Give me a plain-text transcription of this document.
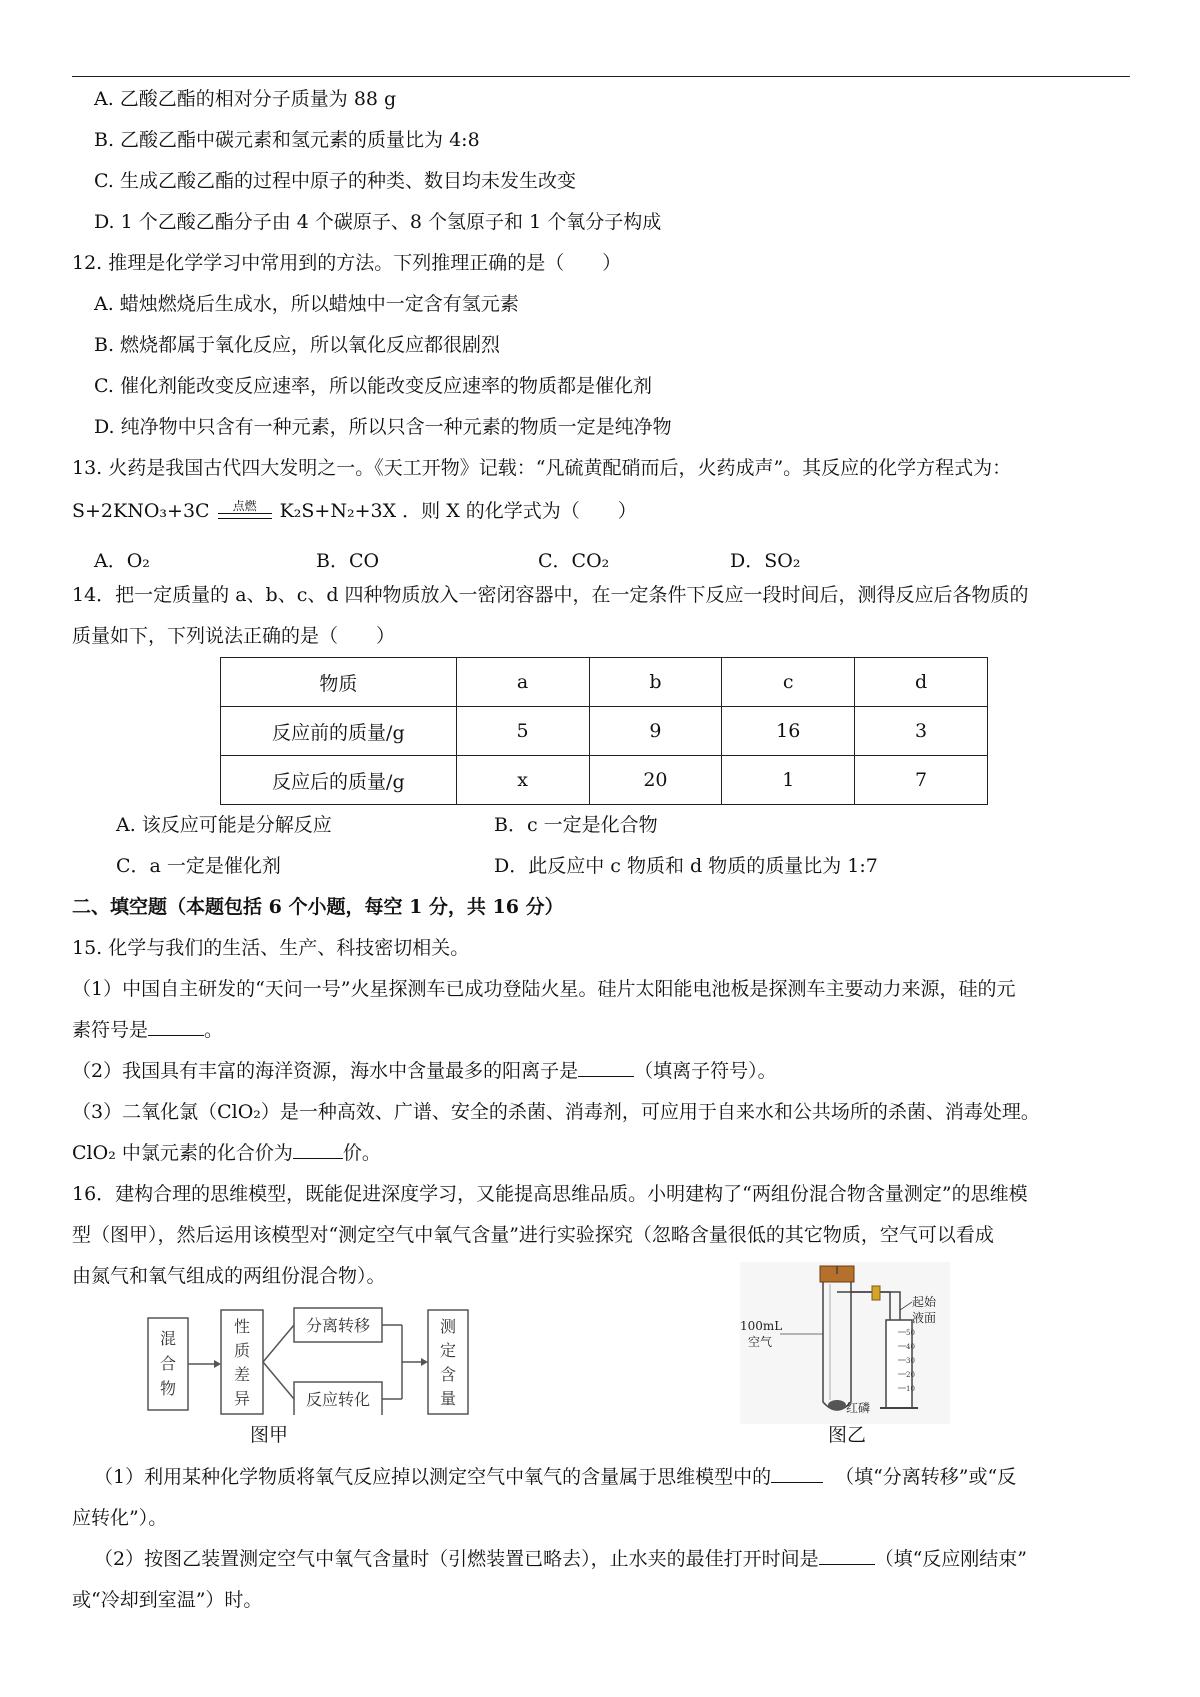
A. 乙酸乙酯的相对分子质量为 88 g
B. 乙酸乙酯中碳元素和氢元素的质量比为 4:8
C. 生成乙酸乙酯的过程中原子的种类、数目均未发生改变
D. 1 个乙酸乙酯分子由 4 个碳原子、8 个氢原子和 1 个氧分子构成
12. 推理是化学学习中常用到的方法。下列推理正确的是（　　）
A. 蜡烛燃烧后生成水，所以蜡烛中一定含有氢元素
B. 燃烧都属于氧化反应，所以氧化反应都很剧烈
C. 催化剂能改变反应速率，所以能改变反应速率的物质都是催化剂
D. 纯净物中只含有一种元素，所以只含一种元素的物质一定是纯净物
13. 火药是我国古代四大发明之一。《天工开物》记载：“凡硫黄配硝而后，火药成声”。其反应的化学方程式为：
S+2KNO₃+3C	点燃	K₂S+N₂+3X ．则 X 的化学式为（　　）
A．O₂	B．CO	C．CO₂	D．SO₂
14．把一定质量的 a、b、c、d 四种物质放入一密闭容器中，在一定条件下反应一段时间后，测得反应后各物质的
质量如下，下列说法正确的是（　　）
物质	a	b	c	d
反应前的质量/g	5	9	16	3
反应后的质量/g	x	20	1	7
A. 该反应可能是分解反应	B．c 一定是化合物
C．a 一定是催化剂	D．此反应中 c 物质和 d 物质的质量比为 1:7
二、填空题（本题包括 6 个小题，每空 1 分，共 16 分）
15. 化学与我们的生活、生产、科技密切相关。
（1）中国自主研发的“天问一号”火星探测车已成功登陆火星。硅片太阳能电池板是探测车主要动力来源，硅的元
素符号是	。
（2）我国具有丰富的海洋资源，海水中含量最多的阳离子是	（填离子符号）。
（3）二氧化氯（ClO₂）是一种高效、广谱、安全的杀菌、消毒剂，可应用于自来水和公共场所的杀菌、消毒处理。
ClO₂ 中氯元素的化合价为	价。
16．建构合理的思维模型，既能促进深度学习，又能提高思维品质。小明建构了“两组份混合物含量测定”的思维模
型（图甲），然后运用该模型对“测定空气中氧气含量”进行实验探究（忽略含量很低的其它物质，空气可以看成
由氮气和氧气组成的两组份混合物）。
混
合
物
性
质
差
异
分离转移
反应转化
测
定
含
量
图甲
50
40
30
20
10
100mL
空气
起始
液面
红磷
图乙
（1）利用某种化学物质将氧气反应掉以测定空气中氧气的含量属于思维模型中的	（填“分离转移”或“反
应转化”）。
（2）按图乙装置测定空气中氧气含量时（引燃装置已略去），止水夹的最佳打开时间是	（填“反应刚结束”
或“冷却到室温”）时。
